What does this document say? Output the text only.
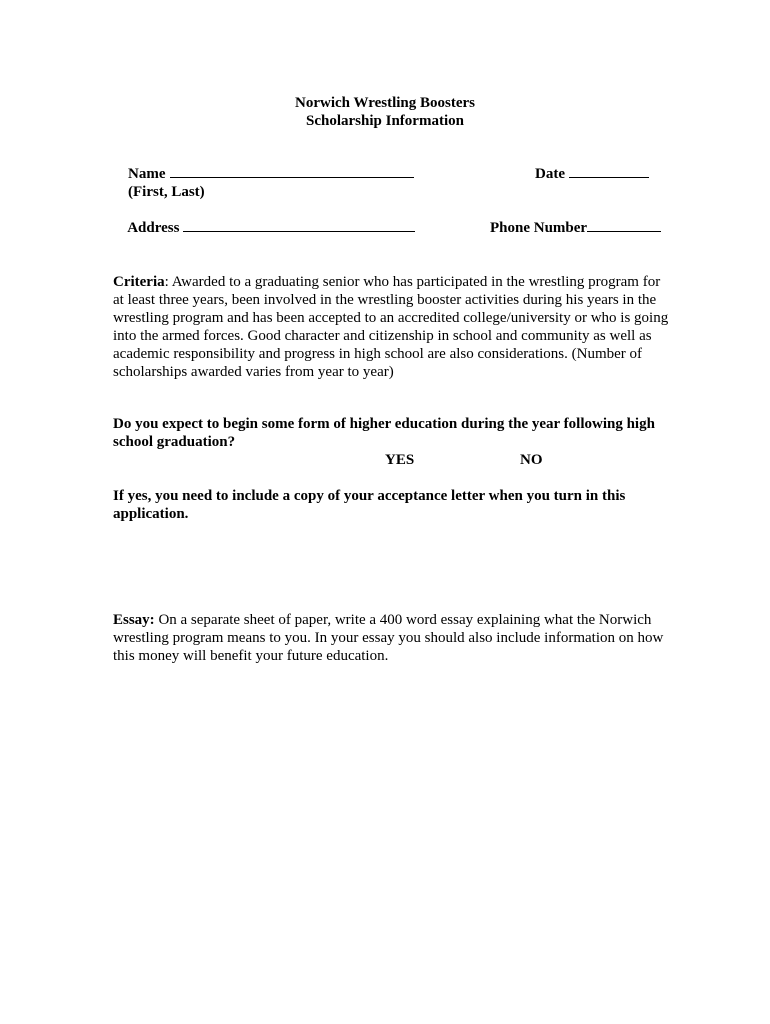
Norwich Wrestling Boosters
Scholarship Information

Name
(First, Last)

Date

Address
	Phone Number

Criteria: Awarded to a graduating senior who has participated in the wrestling program for at least three years, been involved in the wrestling booster activities during his years in the wrestling program and has been accepted to an accredited college/university or who is going into the armed forces. Good character and citizenship in school and community as well as academic responsibility and progress in high school are also considerations. (Number of scholarships awarded varies from year to year)
Do you expect to begin some form of higher education during the year following high school graduation?
YES	NO
If yes, you need to include a copy of your acceptance letter when you turn in this application.
Essay: On a separate sheet of paper, write a 400 word essay explaining what the Norwich wrestling program means to you. In your essay you should also include information on how this money will benefit your future education.
